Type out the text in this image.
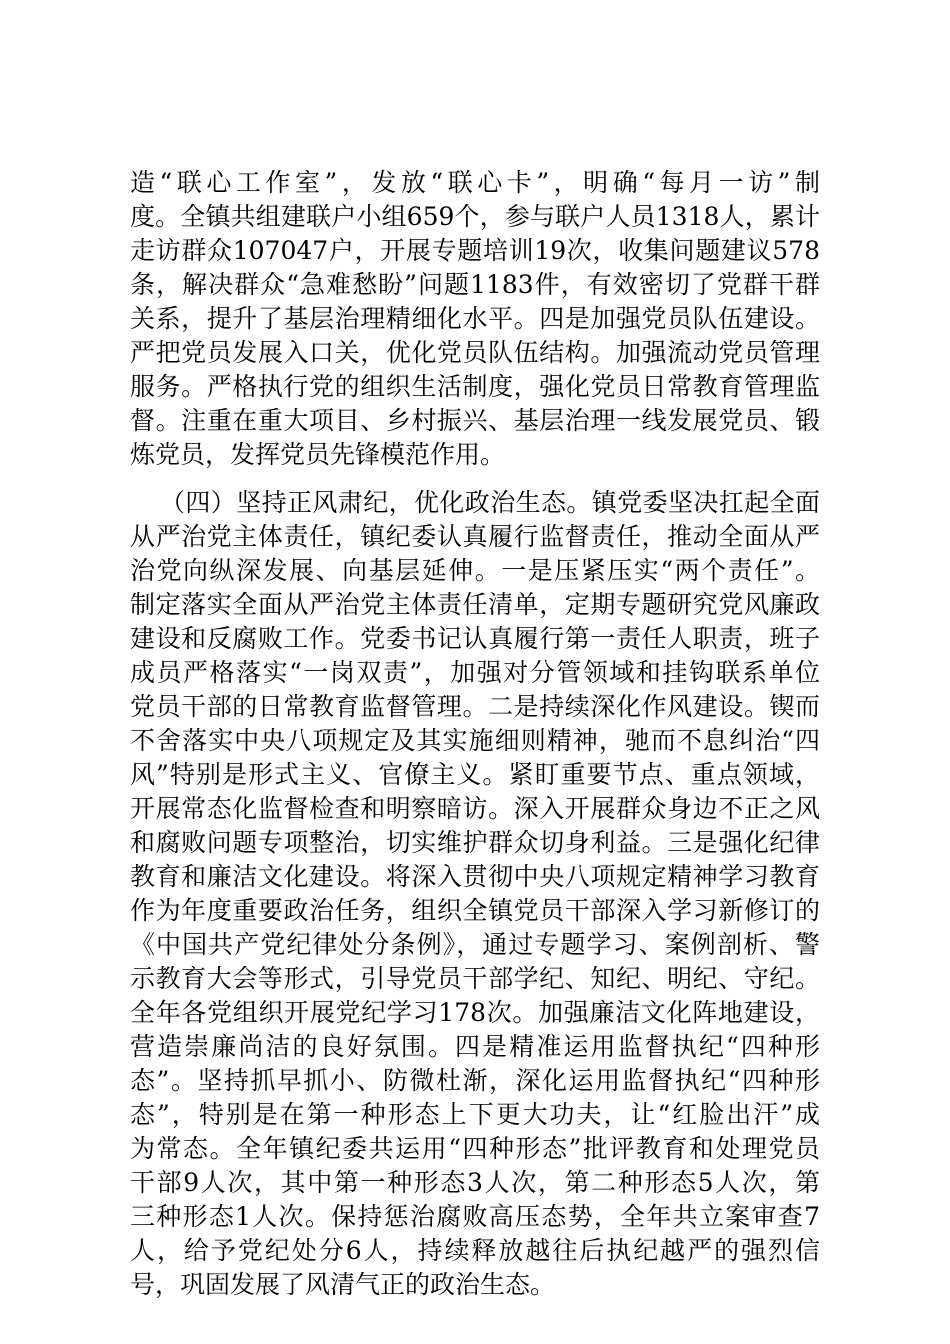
造“联心工作室”，发放“联心卡”，明确“每月一访”制
度。全镇共组建联户小组659个，参与联户人员1318人，累计
走访群众107047户，开展专题培训19次，收集问题建议578
条，解决群众“急难愁盼”问题1183件，有效密切了党群干群
关系，提升了基层治理精细化水平。四是加强党员队伍建设。
严把党员发展入口关，优化党员队伍结构。加强流动党员管理
服务。严格执行党的组织生活制度，强化党员日常教育管理监
督。注重在重大项目、乡村振兴、基层治理一线发展党员、锻
炼党员，发挥党员先锋模范作用。
（四）坚持正风肃纪，优化政治生态。镇党委坚决扛起全面
从严治党主体责任，镇纪委认真履行监督责任，推动全面从严
治党向纵深发展、向基层延伸。一是压紧压实“两个责任”。
制定落实全面从严治党主体责任清单，定期专题研究党风廉政
建设和反腐败工作。党委书记认真履行第一责任人职责，班子
成员严格落实“一岗双责”，加强对分管领域和挂钩联系单位
党员干部的日常教育监督管理。二是持续深化作风建设。锲而
不舍落实中央八项规定及其实施细则精神，驰而不息纠治“四
风”特别是形式主义、官僚主义。紧盯重要节点、重点领域，
开展常态化监督检查和明察暗访。深入开展群众身边不正之风
和腐败问题专项整治，切实维护群众切身利益。三是强化纪律
教育和廉洁文化建设。将深入贯彻中央八项规定精神学习教育
作为年度重要政治任务，组织全镇党员干部深入学习新修订的
《中国共产党纪律处分条例》，通过专题学习、案例剖析、警
示教育大会等形式，引导党员干部学纪、知纪、明纪、守纪。
全年各党组织开展党纪学习178次。加强廉洁文化阵地建设，
营造崇廉尚洁的良好氛围。四是精准运用监督执纪“四种形
态”。坚持抓早抓小、防微杜渐，深化运用监督执纪“四种形
态”，特别是在第一种形态上下更大功夫，让“红脸出汗”成
为常态。全年镇纪委共运用“四种形态”批评教育和处理党员
干部9人次，其中第一种形态3人次，第二种形态5人次，第
三种形态1人次。保持惩治腐败高压态势，全年共立案审查7
人，给予党纪处分6人，持续释放越往后执纪越严的强烈信
号，巩固发展了风清气正的政治生态。
